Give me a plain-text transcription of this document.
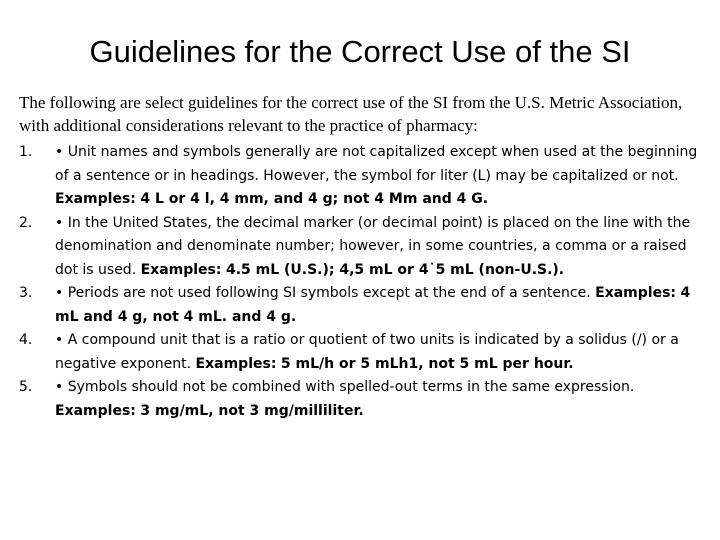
Guidelines for the Correct Use of the SI
The following are select guidelines for the correct use of the SI from the U.S. Metric Association, with additional considerations relevant to the practice of pharmacy:
1. • Unit names and symbols generally are not capitalized except when used at the beginning of a sentence or in headings. However, the symbol for liter (L) may be capitalized or not. Examples: 4 L or 4 l, 4 mm, and 4 g; not 4 Mm and 4 G.
2. • In the United States, the decimal marker (or decimal point) is placed on the line with the denomination and denominate number; however, in some countries, a comma or a raised dot is used. Examples: 4.5 mL (U.S.); 4,5 mL or 4˙5 mL (non-U.S.).
3. • Periods are not used following SI symbols except at the end of a sentence. Examples: 4 mL and 4 g, not 4 mL. and 4 g.
4. • A compound unit that is a ratio or quotient of two units is indicated by a solidus (/) or a negative exponent. Examples: 5 mL/h or 5 mLh1, not 5 mL per hour.
5. • Symbols should not be combined with spelled-out terms in the same expression. Examples: 3 mg/mL, not 3 mg/milliliter.
